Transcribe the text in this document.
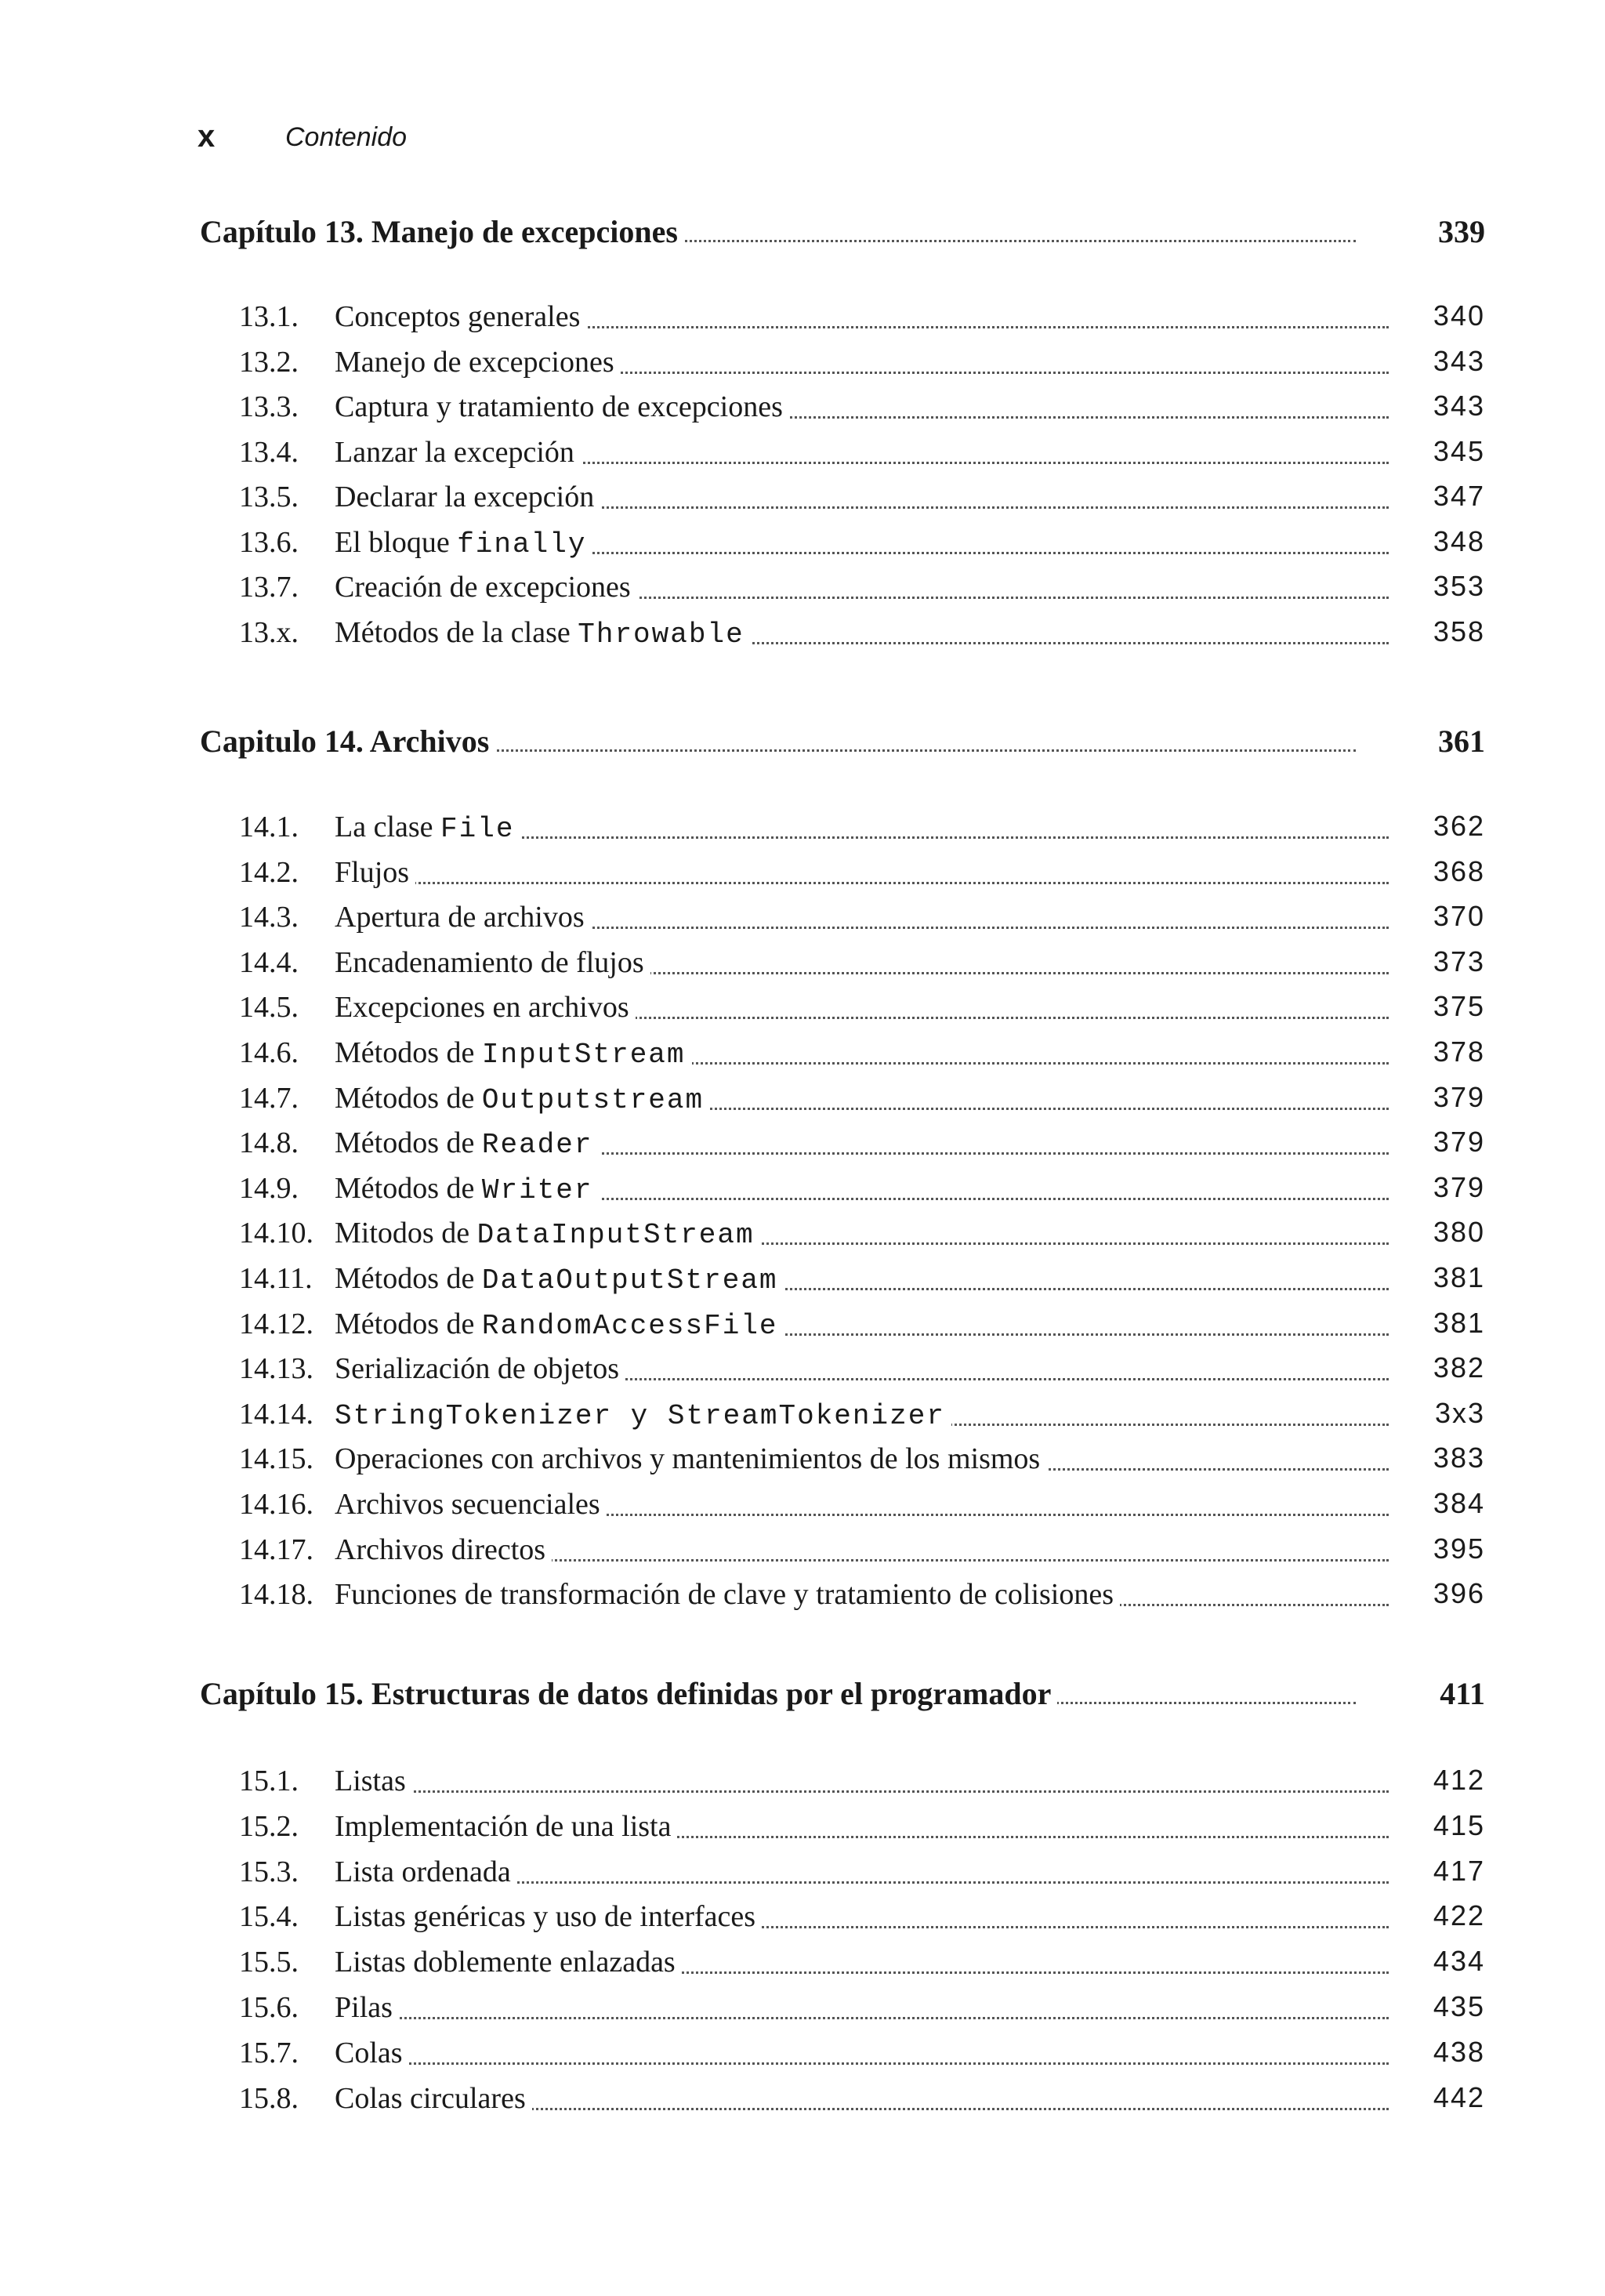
x	Contenido
Capítulo 13. Manejo de excepciones	339
13.1. Conceptos generales	340
13.2. Manejo de excepciones	343
13.3. Captura y tratamiento de excepciones	343
13.4. Lanzar la excepción	345
13.5. Declarar la excepción	347
13.6. El bloque finally	348
13.7. Creación de excepciones	353
13.x. Métodos de la clase Throwable	358
Capitulo 14. Archivos	361
14.1. La clase File	362
14.2. Flujos	368
14.3. Apertura de archivos	370
14.4. Encadenamiento de flujos	373
14.5. Excepciones en archivos	375
14.6. Métodos de InputStream	378
14.7. Métodos de Outputstream	379
14.8. Métodos de Reader	379
14.9. Métodos de Writer	379
14.10. Mitodos de DataInputStream	380
14.11. Métodos de DataOutputStream	381
14.12. Métodos de RandomAccessFile	381
14.13. Serialización de objetos	382
14.14. StringTokenizer y StreamTokenizer	3x3
14.15. Operaciones con archivos y mantenimientos de los mismos	383
14.16. Archivos secuenciales	384
14.17. Archivos directos	395
14.18. Funciones de transformación de clave y tratamiento de colisiones	396
Capítulo 15. Estructuras de datos definidas por el programador	411
15.1. Listas	412
15.2. Implementación de una lista	415
15.3. Lista ordenada	417
15.4. Listas genéricas y uso de interfaces	422
15.5. Listas doblemente enlazadas	434
15.6. Pilas	435
15.7. Colas	438
15.8. Colas circulares	442
